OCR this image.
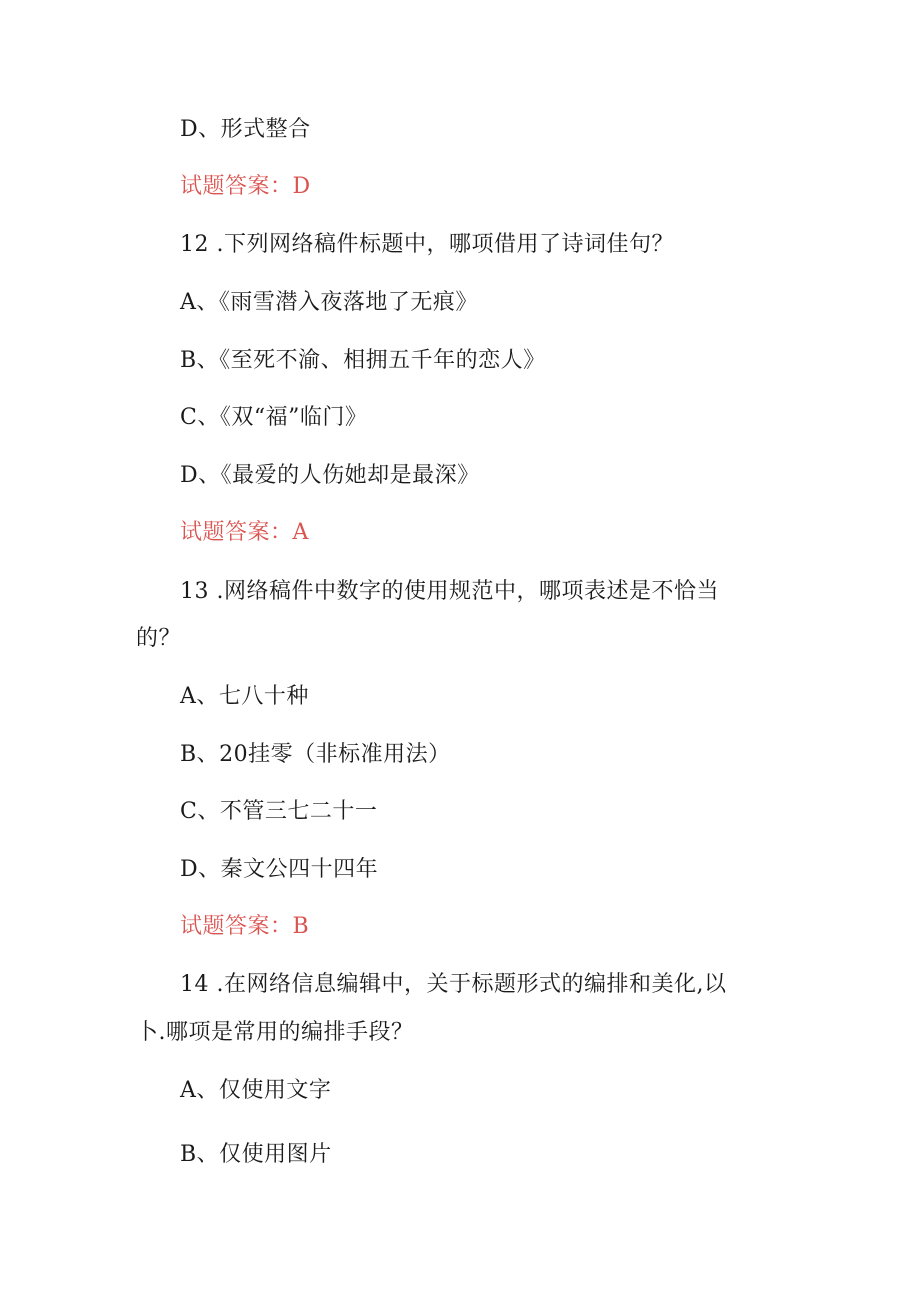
D、形式整合
试题答案：D
12 .下列网络稿件标题中，哪项借用了诗词佳句？
A、《雨雪潜入夜落地了无痕》
B、《至死不渝、相拥五千年的恋人》
C、《双“福”临门》
D、《最爱的人伤她却是最深》
试题答案：A
13 .网络稿件中数字的使用规范中，哪项表述是不恰当
的？
A、七八十种
B、20挂零（非标准用法）
C、不管三七二十一
D、秦文公四十四年
试题答案：B
14 .在网络信息编辑中，关于标题形式的编排和美化,以
卜.哪项是常用的编排手段？
A、仅使用文字
B、仅使用图片
